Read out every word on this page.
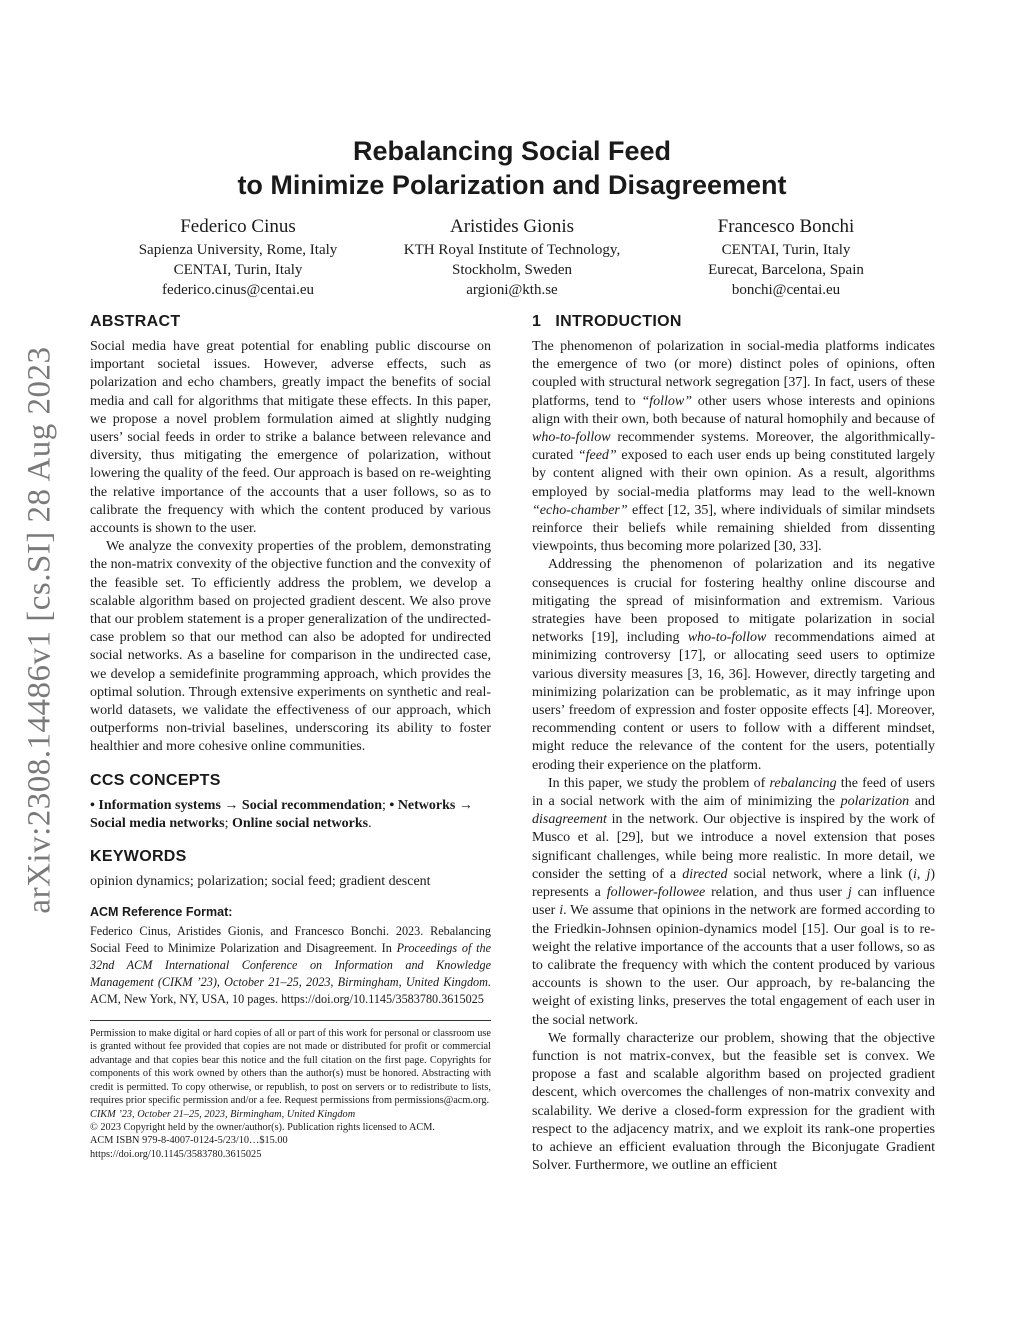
arXiv:2308.14486v1 [cs.SI] 28 Aug 2023
Rebalancing Social Feed
to Minimize Polarization and Disagreement
Federico Cinus
Sapienza University, Rome, Italy
CENTAI, Turin, Italy
federico.cinus@centai.eu
Aristides Gionis
KTH Royal Institute of Technology,
Stockholm, Sweden
argioni@kth.se
Francesco Bonchi
CENTAI, Turin, Italy
Eurecat, Barcelona, Spain
bonchi@centai.eu
ABSTRACT

Social media have great potential for enabling public discourse on important societal issues. However, adverse effects, such as polarization and echo chambers, greatly impact the benefits of social media and call for algorithms that mitigate these effects. In this paper, we propose a novel problem formulation aimed at slightly nudging users’ social feeds in order to strike a balance between relevance and diversity, thus mitigating the emergence of polarization, without lowering the quality of the feed. Our approach is based on re-weighting the relative importance of the accounts that a user follows, so as to calibrate the frequency with which the content produced by various accounts is shown to the user.

We analyze the convexity properties of the problem, demonstrating the non-matrix convexity of the objective function and the convexity of the feasible set. To efficiently address the problem, we develop a scalable algorithm based on projected gradient descent. We also prove that our problem statement is a proper generalization of the undirected-case problem so that our method can also be adopted for undirected social networks. As a baseline for comparison in the undirected case, we develop a semidefinite programming approach, which provides the optimal solution. Through extensive experiments on synthetic and real-world datasets, we validate the effectiveness of our approach, which outperforms non-trivial baselines, underscoring its ability to foster healthier and more cohesive online communities.

CCS CONCEPTS
• Information systems → Social recommendation; • Networks → Social media networks; Online social networks.
KEYWORDS

opinion dynamics; polarization; social feed; gradient descent

ACM Reference Format:
Federico Cinus, Aristides Gionis, and Francesco Bonchi. 2023. Rebalancing Social Feed to Minimize Polarization and Disagreement. In Proceedings of the 32nd ACM International Conference on Information and Knowledge Management (CIKM ’23), October 21–25, 2023, Birmingham, United Kingdom. ACM, New York, NY, USA, 10 pages. https://doi.org/10.1145/3583780.3615025
Permission to make digital or hard copies of all or part of this work for personal or classroom use is granted without fee provided that copies are not made or distributed for profit or commercial advantage and that copies bear this notice and the full citation on the first page. Copyrights for components of this work owned by others than the author(s) must be honored. Abstracting with credit is permitted. To copy otherwise, or republish, to post on servers or to redistribute to lists, requires prior specific permission and/or a fee. Request permissions from permissions@acm.org.
CIKM ’23, October 21–25, 2023, Birmingham, United Kingdom
© 2023 Copyright held by the owner/author(s). Publication rights licensed to ACM.
ACM ISBN 979-8-4007-0124-5/23/10…$15.00
https://doi.org/10.1145/3583780.3615025
1   INTRODUCTION

The phenomenon of polarization in social-media platforms indicates the emergence of two (or more) distinct poles of opinions, often coupled with structural network segregation [37]. In fact, users of these platforms, tend to “follow” other users whose interests and opinions align with their own, both because of natural homophily and because of who-to-follow recommender systems. Moreover, the algorithmically-curated “feed” exposed to each user ends up being constituted largely by content aligned with their own opinion. As a result, algorithms employed by social-media platforms may lead to the well-known “echo-chamber” effect [12, 35], where individuals of similar mindsets reinforce their beliefs while remaining shielded from dissenting viewpoints, thus becoming more polarized [30, 33].

Addressing the phenomenon of polarization and its negative consequences is crucial for fostering healthy online discourse and mitigating the spread of misinformation and extremism. Various strategies have been proposed to mitigate polarization in social networks [19], including who-to-follow recommendations aimed at minimizing controversy [17], or allocating seed users to optimize various diversity measures [3, 16, 36]. However, directly targeting and minimizing polarization can be problematic, as it may infringe upon users’ freedom of expression and foster opposite effects [4]. Moreover, recommending content or users to follow with a different mindset, might reduce the relevance of the content for the users, potentially eroding their experience on the platform.

In this paper, we study the problem of rebalancing the feed of users in a social network with the aim of minimizing the polarization and disagreement in the network. Our objective is inspired by the work of Musco et al. [29], but we introduce a novel extension that poses significant challenges, while being more realistic. In more detail, we consider the setting of a directed social network, where a link (i, j) represents a follower-followee relation, and thus user j can influence user i. We assume that opinions in the network are formed according to the Friedkin-Johnsen opinion-dynamics model [15]. Our goal is to re-weight the relative importance of the accounts that a user follows, so as to calibrate the frequency with which the content produced by various accounts is shown to the user. Our approach, by re-balancing the weight of existing links, preserves the total engagement of each user in the social network.

We formally characterize our problem, showing that the objective function is not matrix-convex, but the feasible set is convex. We propose a fast and scalable algorithm based on projected gradient descent, which overcomes the challenges of non-matrix convexity and scalability. We derive a closed-form expression for the gradient with respect to the adjacency matrix, and we exploit its rank-one properties to achieve an efficient evaluation through the Biconjugate Gradient Solver. Furthermore, we outline an efficient
